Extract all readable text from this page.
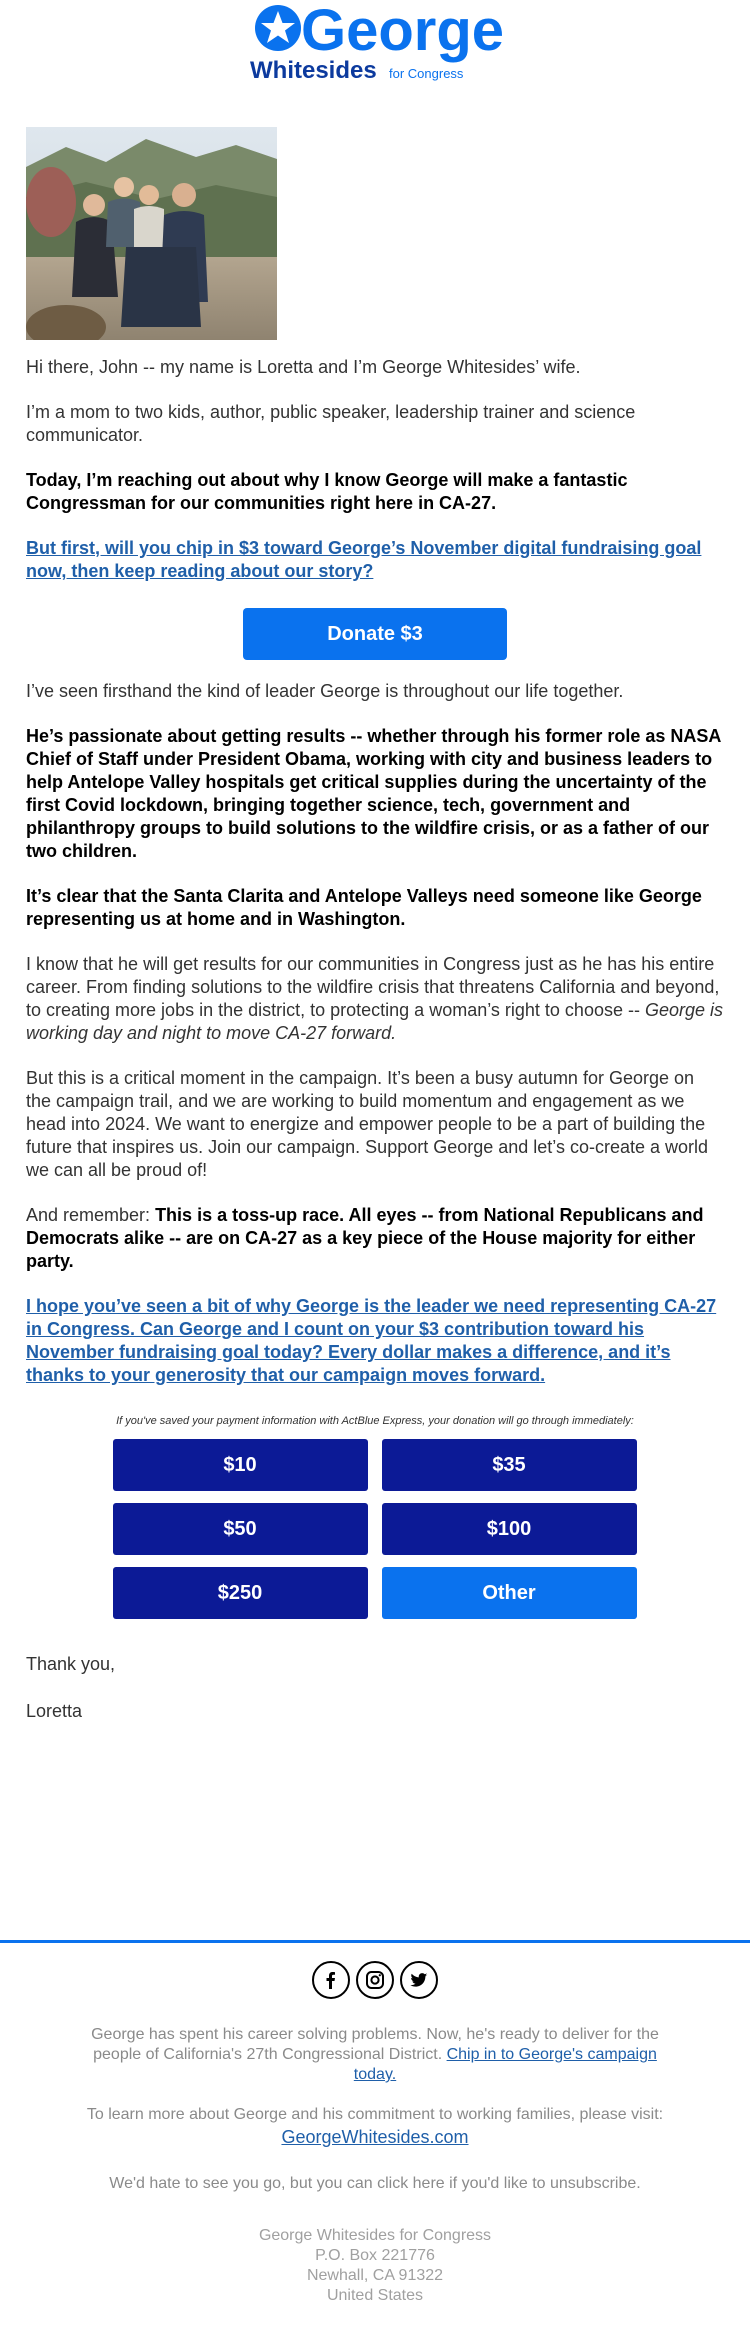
George
Whitesides for Congress

Hi there, John -- my name is Loretta and I’m George Whitesides’ wife.

I’m a mom to two kids, author, public speaker, leadership trainer and science communicator.

Today, I’m reaching out about why I know George will make a fantastic Congressman for our communities right here in CA-27.

But first, will you chip in $3 toward George’s November digital fundraising goal now, then keep reading about our story?

Donate $3

I’ve seen firsthand the kind of leader George is throughout our life together.

He’s passionate about getting results -- whether through his former role as NASA Chief of Staff under President Obama, working with city and business leaders to help Antelope Valley hospitals get critical supplies during the uncertainty of the first Covid lockdown, bringing together science, tech, government and philanthropy groups to build solutions to the wildfire crisis, or as a father of our two children.

It’s clear that the Santa Clarita and Antelope Valleys need someone like George representing us at home and in Washington.

I know that he will get results for our communities in Congress just as he has his entire career. From finding solutions to the wildfire crisis that threatens California and beyond, to creating more jobs in the district, to protecting a woman’s right to choose -- George is working day and night to move CA-27 forward.

But this is a critical moment in the campaign. It’s been a busy autumn for George on the campaign trail, and we are working to build momentum and engagement as we head into 2024. We want to energize and empower people to be a part of building the future that inspires us. Join our campaign. Support George and let’s co-create a world we can all be proud of!

And remember: This is a toss-up race. All eyes -- from National Republicans and Democrats alike -- are on CA-27 as a key piece of the House majority for either party.

I hope you’ve seen a bit of why George is the leader we need representing CA-27 in Congress. Can George and I count on your $3 contribution toward his November fundraising goal today? Every dollar makes a difference, and it’s thanks to your generosity that our campaign moves forward.

If you've saved your payment information with ActBlue Express, your donation will go through immediately:
$10	$35
$50	$100
$250	Other

Thank you,

Loretta

George has spent his career solving problems. Now, he's ready to deliver for the people of California's 27th Congressional District. Chip in to George's campaign today.

To learn more about George and his commitment to working families, please visit:

GeorgeWhitesides.com

We'd hate to see you go, but you can click here if you'd like to unsubscribe.

George Whitesides for Congress

P.O. Box 221776

Newhall, CA 91322

United States
